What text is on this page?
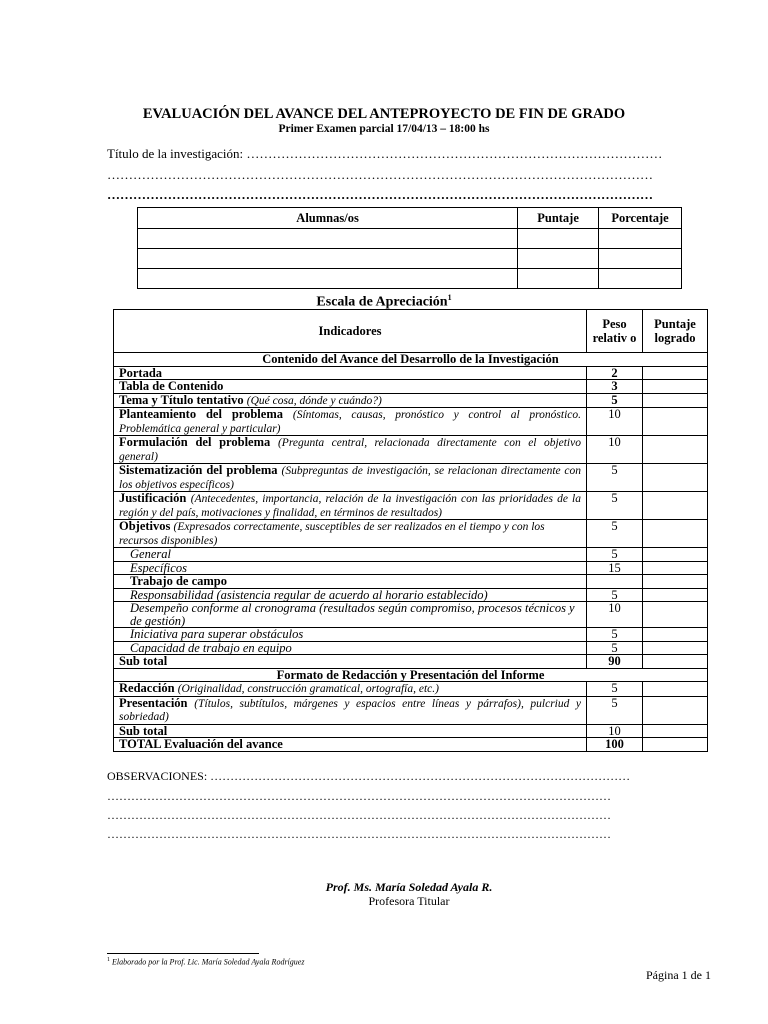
EVALUACIÓN DEL AVANCE DEL ANTEPROYECTO DE FIN DE GRADO
Primer Examen parcial 17/04/13 – 18:00 hs
Título de la investigación: ……………………………………………………………………………………
………………………………………………………………………………………………………………
………………………………………………………………………………………………………………
Alumnas/os	Puntaje	Porcentaje

Escala de Apreciación$^1$
Indicadores	Peso relativ o	Puntaje logrado
Contenido del Avance del Desarrollo de la Investigación		
Portada	2	
Tabla de Contenido	3	
Tema y Título tentativo (Qué cosa, dónde y cuándo?)	5	
Planteamiento del problema (Síntomas, causas, pronóstico y control al pronóstico. Problemática general y particular)	10	
Formulación del problema (Pregunta central, relacionada directamente con el objetivo general)	10	
Sistematización del problema (Subpreguntas de investigación, se relacionan directamente con los objetivos específicos)	5	
Justificación (Antecedentes, importancia, relación de la investigación con las prioridades de la región y del país, motivaciones y finalidad, en términos de resultados)	5	
Objetivos (Expresados correctamente, susceptibles de ser realizados en el tiempo y con los recursos disponibles)	5	
General	5	
Específicos	15	
Trabajo de campo		
Responsabilidad (asistencia regular de acuerdo al horario establecido)	5	
Desempeño conforme al cronograma (resultados según compromiso, procesos técnicos y de gestión)	10	
Iniciativa para superar obstáculos	5	
Capacidad de trabajo en equipo	5	
Sub total	90	
Formato de Redacción y Presentación del Informe		
Redacción (Originalidad, construcción gramatical, ortografía, etc.)	5	
Presentación (Títulos, subtítulos, márgenes y espacios entre líneas y párrafos), pulcriud y sobriedad)	5	
Sub total	10	
TOTAL Evaluación del avance	100	
OBSERVACIONES: ……………………………………………………………………………………………
………………………………………………………………………………………………………………
………………………………………………………………………………………………………………
………………………………………………………………………………………………………………
Prof. Ms. María Soledad Ayala R.
Profesora Titular
$^1$ Elaborado por la Prof. Lic. María Soledad Ayala Rodríguez
Página 1 de 1
